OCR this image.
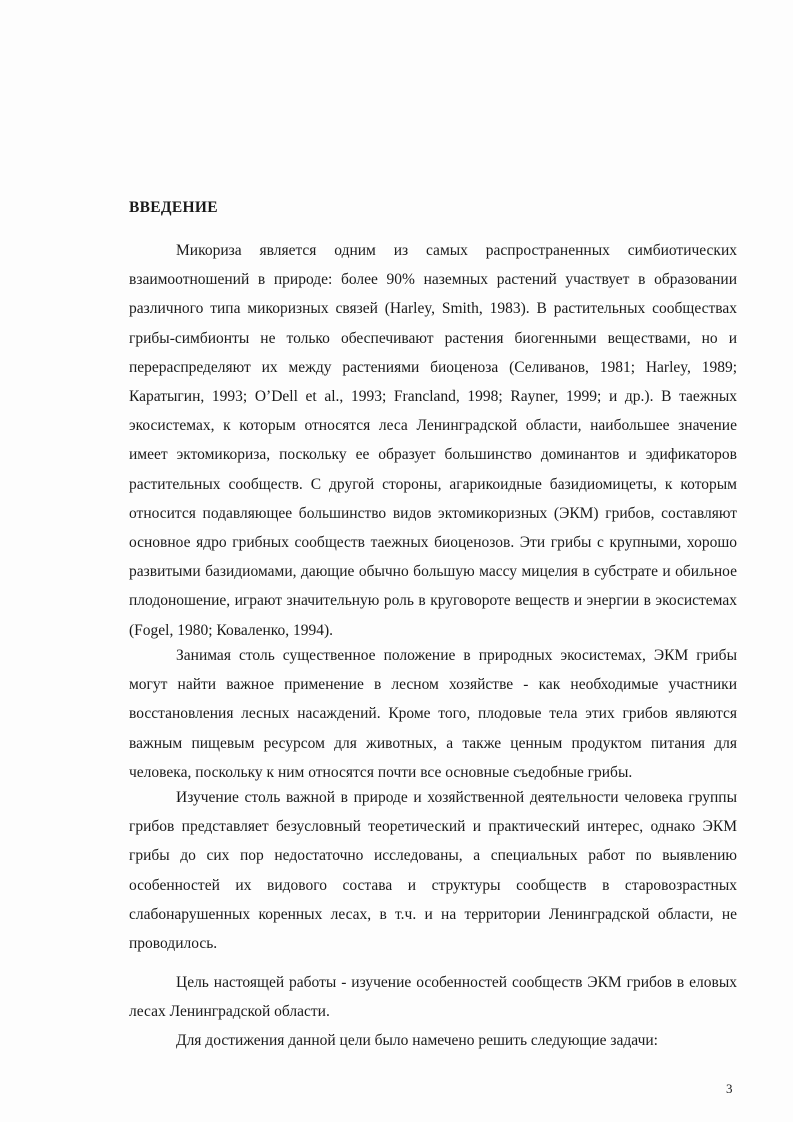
ВВЕДЕНИЕ

Микориза является одним из самых распространенных симбиотических взаимоотношений в природе: более 90% наземных растений участвует в образовании различного типа микоризных связей (Harley, Smith, 1983). В растительных сообществах грибы-симбионты не только обеспечивают растения биогенными веществами, но и перераспределяют их между растениями биоценоза (Селиванов, 1981; Harley, 1989; Каратыгин, 1993; O’Dell et al., 1993; Francland, 1998; Rayner, 1999; и др.). В таежных экосистемах, к которым относятся леса Ленинградской области, наибольшее значение имеет эктомикориза, поскольку ее образует большинство доминантов и эдификаторов растительных сообществ. С другой стороны, агарикоидные базидиомицеты, к которым относится подавляющее большинство видов эктомикоризных (ЭКМ) грибов, составляют основное ядро грибных сообществ таежных биоценозов. Эти грибы с крупными, хорошо развитыми базидиомами, дающие обычно большую массу мицелия в субстрате и обильное плодоношение, играют значительную роль в круговороте веществ и энергии в экосистемах (Fogel, 1980; Коваленко, 1994).

Занимая столь существенное положение в природных экосистемах, ЭКМ грибы могут найти важное применение в лесном хозяйстве - как необходимые участники восстановления лесных насаждений. Кроме того, плодовые тела этих грибов являются важным пищевым ресурсом для животных, а также ценным продуктом питания для человека, поскольку к ним относятся почти все основные съедобные грибы.

Изучение столь важной в природе и хозяйственной деятельности человека группы грибов представляет безусловный теоретический и практический интерес, однако ЭКМ грибы до сих пор недостаточно исследованы, а специальных работ по выявлению особенностей их видового состава и структуры сообществ в старовозрастных слабонарушенных коренных лесах, в т.ч. и на территории Ленинградской области, не проводилось.

Цель настоящей работы - изучение особенностей сообществ ЭКМ грибов в еловых лесах Ленинградской области.

Для достижения данной цели было намечено решить следующие задачи:

3
